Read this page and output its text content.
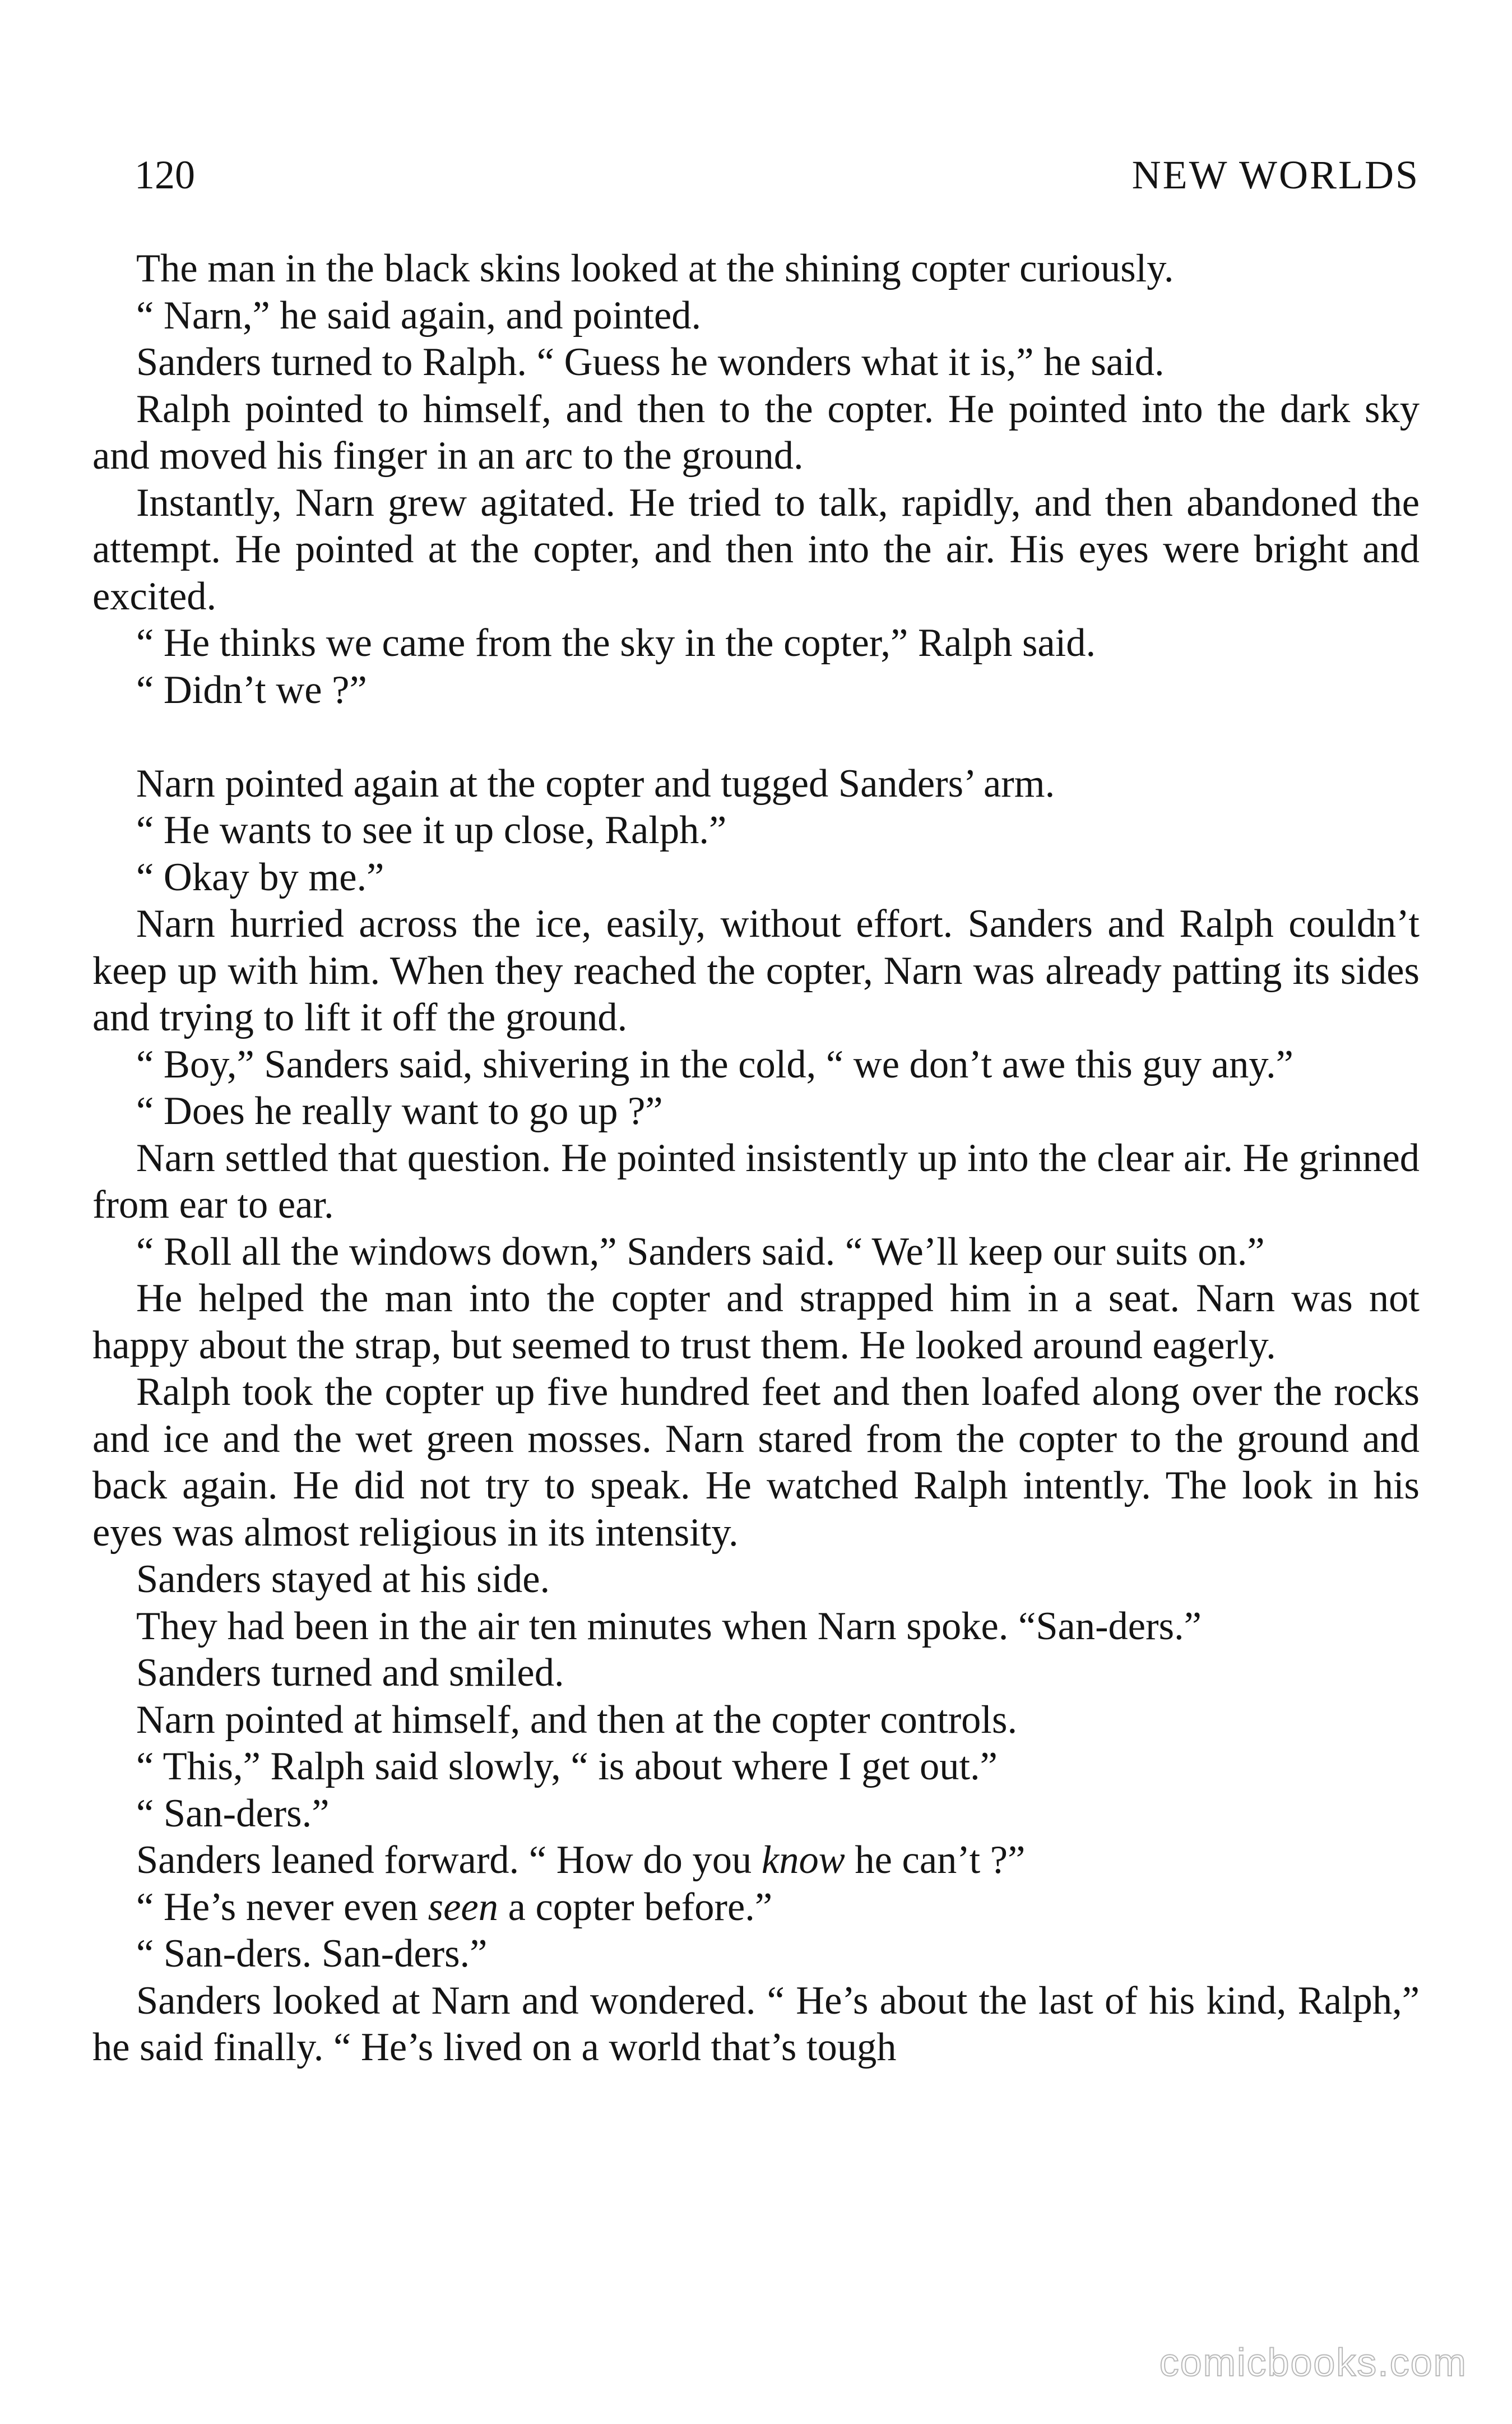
120	NEW WORLDS

The man in the black skins looked at the shining copter curiously.

“ Narn,” he said again, and pointed.

Sanders turned to Ralph. “ Guess he wonders what it is,” he said.

Ralph pointed to himself, and then to the copter. He pointed into the dark sky and moved his finger in an arc to the ground.

Instantly, Narn grew agitated. He tried to talk, rapidly, and then abandoned the attempt. He pointed at the copter, and then into the air. His eyes were bright and excited.

“ He thinks we came from the sky in the copter,” Ralph said.

“ Didn’t we ?”

Narn pointed again at the copter and tugged Sanders’ arm.

“ He wants to see it up close, Ralph.”

“ Okay by me.”

Narn hurried across the ice, easily, without effort. Sanders and Ralph couldn’t keep up with him. When they reached the copter, Narn was already patting its sides and trying to lift it off the ground.

“ Boy,” Sanders said, shivering in the cold, “ we don’t awe this guy any.”

“ Does he really want to go up ?”

Narn settled that question. He pointed insistently up into the clear air. He grinned from ear to ear.

“ Roll all the windows down,” Sanders said. “ We’ll keep our suits on.”

He helped the man into the copter and strapped him in a seat. Narn was not happy about the strap, but seemed to trust them. He looked around eagerly.

Ralph took the copter up five hundred feet and then loafed along over the rocks and ice and the wet green mosses. Narn stared from the copter to the ground and back again. He did not try to speak. He watched Ralph intently. The look in his eyes was almost religious in its intensity.

Sanders stayed at his side.

They had been in the air ten minutes when Narn spoke. “San-ders.”

Sanders turned and smiled.

Narn pointed at himself, and then at the copter controls.

“ This,” Ralph said slowly, “ is about where I get out.”

“ San-ders.”

Sanders leaned forward. “ How do you know he can’t ?”

“ He’s never even seen a copter before.”

“ San-ders. San-ders.”

Sanders looked at Narn and wondered. “ He’s about the last of his kind, Ralph,” he said finally. “ He’s lived on a world that’s tough

comicbooks.com
